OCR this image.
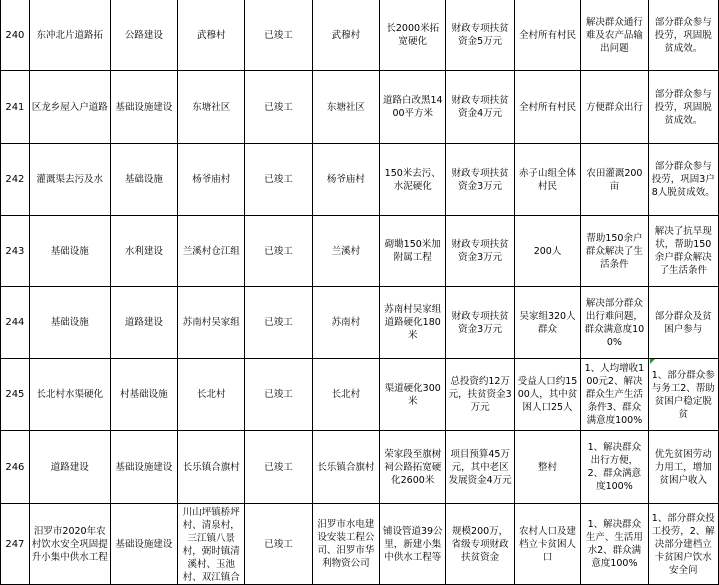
240	东冲北片道路拓	公路建设	武穆村	已竣工	武穆村	长2000米拓宽硬化	财政专项扶贫资金5万元	全村所有村民	解决群众通行难及农产品输出问题	部分群众参与投劳，巩固脱贫成效。
241	区龙乡屋入户道路	基础设施建设	东塘社区	已竣工	东塘社区	道路白改黑1400平方米	财政专项扶贫资金4万元	全村所有村民	方便群众出行	部分群众参与投劳，巩固脱贫成效。
242	灌溉渠去污及水	基础设施	杨爷庙村	已竣工	杨爷庙村	150米去污、水泥硬化	财政专项扶贫资金3万元	赤子山组全体村民	农田灌溉200亩	部分群众参与投劳，巩固3户8人脱贫成效。
243	基础设施	水利建设	兰溪村仓江组	已竣工	兰溪村	砌墈150米加附属工程	财政专项扶贫资金3万元	200人	帮助150余户群众解决了生活条件	解决了抗旱现状，帮助150余户群众解决了生活条件
244	基础设施	道路建设	苏南村吴家组	已竣工	苏南村	苏南村吴家组道路硬化180米	财政专项扶贫资金3万元	吴家组320人群众	解决部分群众出行难问题，群众满意度100%	部分群众及贫困户参与
245	长北村水渠硬化	村基础设施	长北村	已竣工	长北村	渠道硬化300米	总投资约12万元，扶贫资金3万元	受益人口约1500人，其中贫困人口25人	1、人均增收100元2、解决群众生产生活条件3、群众满意度100%	1、部分群众参与务工2、帮助贫困户稳定脱贫
246	道路建设	基础设施建设	长乐镇合旗村	已竣工	长乐镇合旗村	荣家段至旗树祠公路拓宽硬化2600米	项目预算45万元，其中老区发展资金4万元	整村	1、解决群众出行方便，2、群众满意度100%	优先贫困劳动力用工，增加贫困户收入
247	汨罗市2020年农村饮水安全巩固提升小集中供水工程	基础设施建设	川山坪镇桥坪村、清泉村，三江镇八景村，弼时镇清溪村、玉池村、双江镇合	已竣工	汨罗市水电建设安装工程公司、汨罗市华利物资公司	铺设管道39公里，新建小集中供水工程等	规模200万，省级专项财政扶贫资金	农村人口及建档立卡贫困人口	1、解决群众生产、生活用水2、群众满意度100%	1、部分群众投工投劳，2、解决部分建档立卡贫困户饮水安全问
